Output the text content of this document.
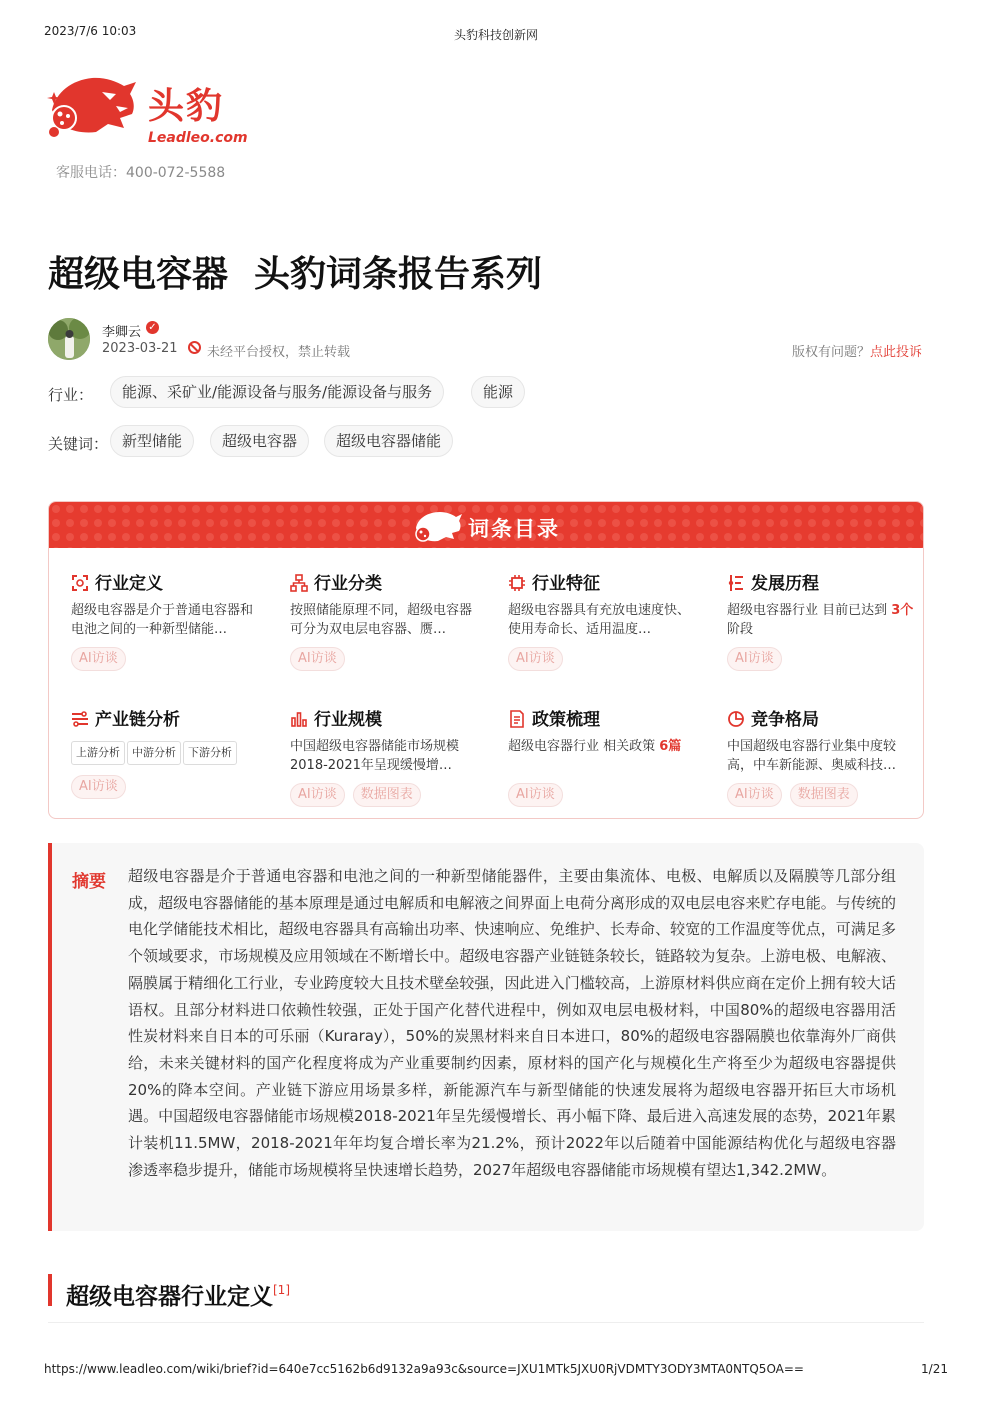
2023/7/6 10:03	头豹科技创新网
头豹
Leadleo.com
客服电话：400-072-5588
超级电容器 头豹词条报告系列
李卿云 ✓
2023-03-21 未经平台授权，禁止转载	版权有问题？点此投诉
行业：	能源、采矿业/能源设备与服务/能源设备与服务	能源
关键词： 新型储能	超级电容器	超级电容器储能
词条目录
行业定义
超级电容器是介于普通电容器和电池之间的一种新型储能…
AI访谈
行业分类
按照储能原理不同，超级电容器可分为双电层电容器、赝…
AI访谈
行业特征
超级电容器具有充放电速度快、使用寿命长、适用温度…
AI访谈
发展历程
超级电容器行业 目前已达到 3个阶段
AI访谈
产业链分析
上游分析 中游分析 下游分析
AI访谈
行业规模
中国超级电容器储能市场规模2018-2021年呈现缓慢增…
AI访谈 数据图表
政策梳理
超级电容器行业 相关政策 6篇
AI访谈
竞争格局
中国超级电容器行业集中度较高，中车新能源、奥威科技…
AI访谈 数据图表
摘要 超级电容器是介于普通电容器和电池之间的一种新型储能器件，主要由集流体、电极、电解质以及隔膜等几部分组成，超级电容器储能的基本原理是通过电解质和电解液之间界面上电荷分离形成的双电层电容来贮存电能。与传统的电化学储能技术相比，超级电容器具有高输出功率、快速响应、免维护、长寿命、较宽的工作温度等优点，可满足多个领域要求，市场规模及应用领域在不断增长中。超级电容器产业链链条较长，链路较为复杂。上游电极、电解液、隔膜属于精细化工行业，专业跨度较大且技术壁垒较强，因此进入门槛较高，上游原材料供应商在定价上拥有较大话语权。且部分材料进口依赖性较强，正处于国产化替代进程中，例如双电层电极材料，中国80%的超级电容器用活性炭材料来自日本的可乐丽（Kuraray），50%的炭黑材料来自日本进口，80%的超级电容器隔膜也依靠海外厂商供给，未来关键材料的国产化程度将成为产业重要制约因素，原材料的国产化与规模化生产将至少为超级电容器提供20%的降本空间。产业链下游应用场景多样，新能源汽车与新型储能的快速发展将为超级电容器开拓巨大市场机遇。中国超级电容器储能市场规模2018-2021年呈先缓慢增长、再小幅下降、最后进入高速发展的态势，2021年累计装机11.5MW，2018-2021年年均复合增长率为21.2%，预计2022年以后随着中国能源结构优化与超级电容器渗透率稳步提升，储能市场规模将呈快速增长趋势，2027年超级电容器储能市场规模有望达1,342.2MW。

超级电容器行业定义[1]
https://www.leadleo.com/wiki/brief?id=640e7cc5162b6d9132a9a93c&source=JXU1MTk5JXU0RjVDMTY3ODY3MTA0NTQ5OA==	1/21
